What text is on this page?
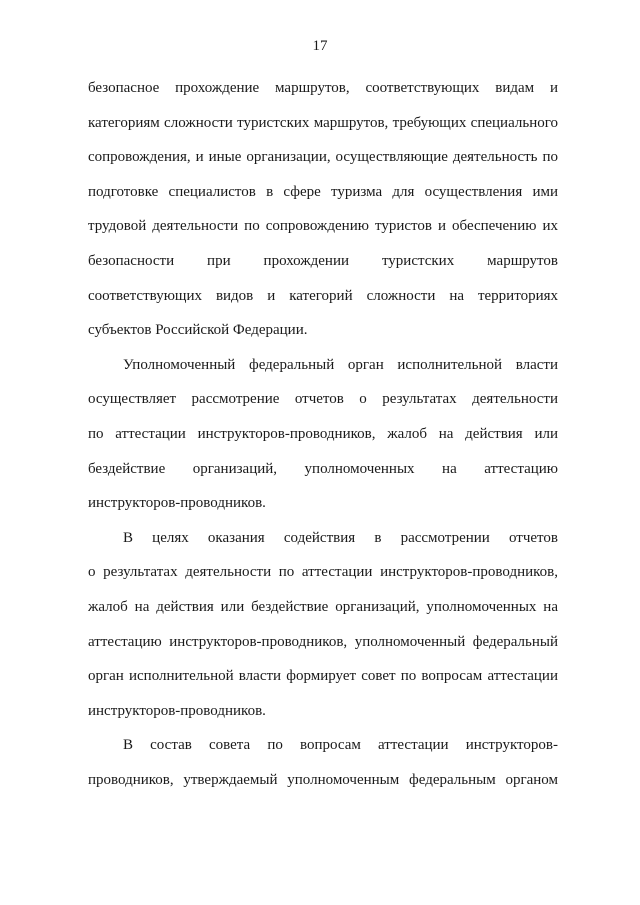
17
безопасное прохождение маршрутов, соответствующих видам и
категориям сложности туристских маршрутов, требующих специального
сопровождения, и иные организации, осуществляющие деятельность по
подготовке специалистов в сфере туризма для осуществления ими
трудовой деятельности по сопровождению туристов и обеспечению их
безопасности при прохождении туристских маршрутов
соответствующих видов и категорий сложности на территориях
субъектов Российской Федерации.
Уполномоченный федеральный орган исполнительной власти
осуществляет рассмотрение отчетов о результатах деятельности
по аттестации инструкторов-проводников, жалоб на действия или
бездействие организаций, уполномоченных на аттестацию
инструкторов-проводников.
В целях оказания содействия в рассмотрении отчетов
о результатах деятельности по аттестации инструкторов-проводников,
жалоб на действия или бездействие организаций, уполномоченных на
аттестацию инструкторов-проводников, уполномоченный федеральный
орган исполнительной власти формирует совет по вопросам аттестации
инструкторов-проводников.
В состав совета по вопросам аттестации инструкторов-
проводников, утверждаемый уполномоченным федеральным органом
